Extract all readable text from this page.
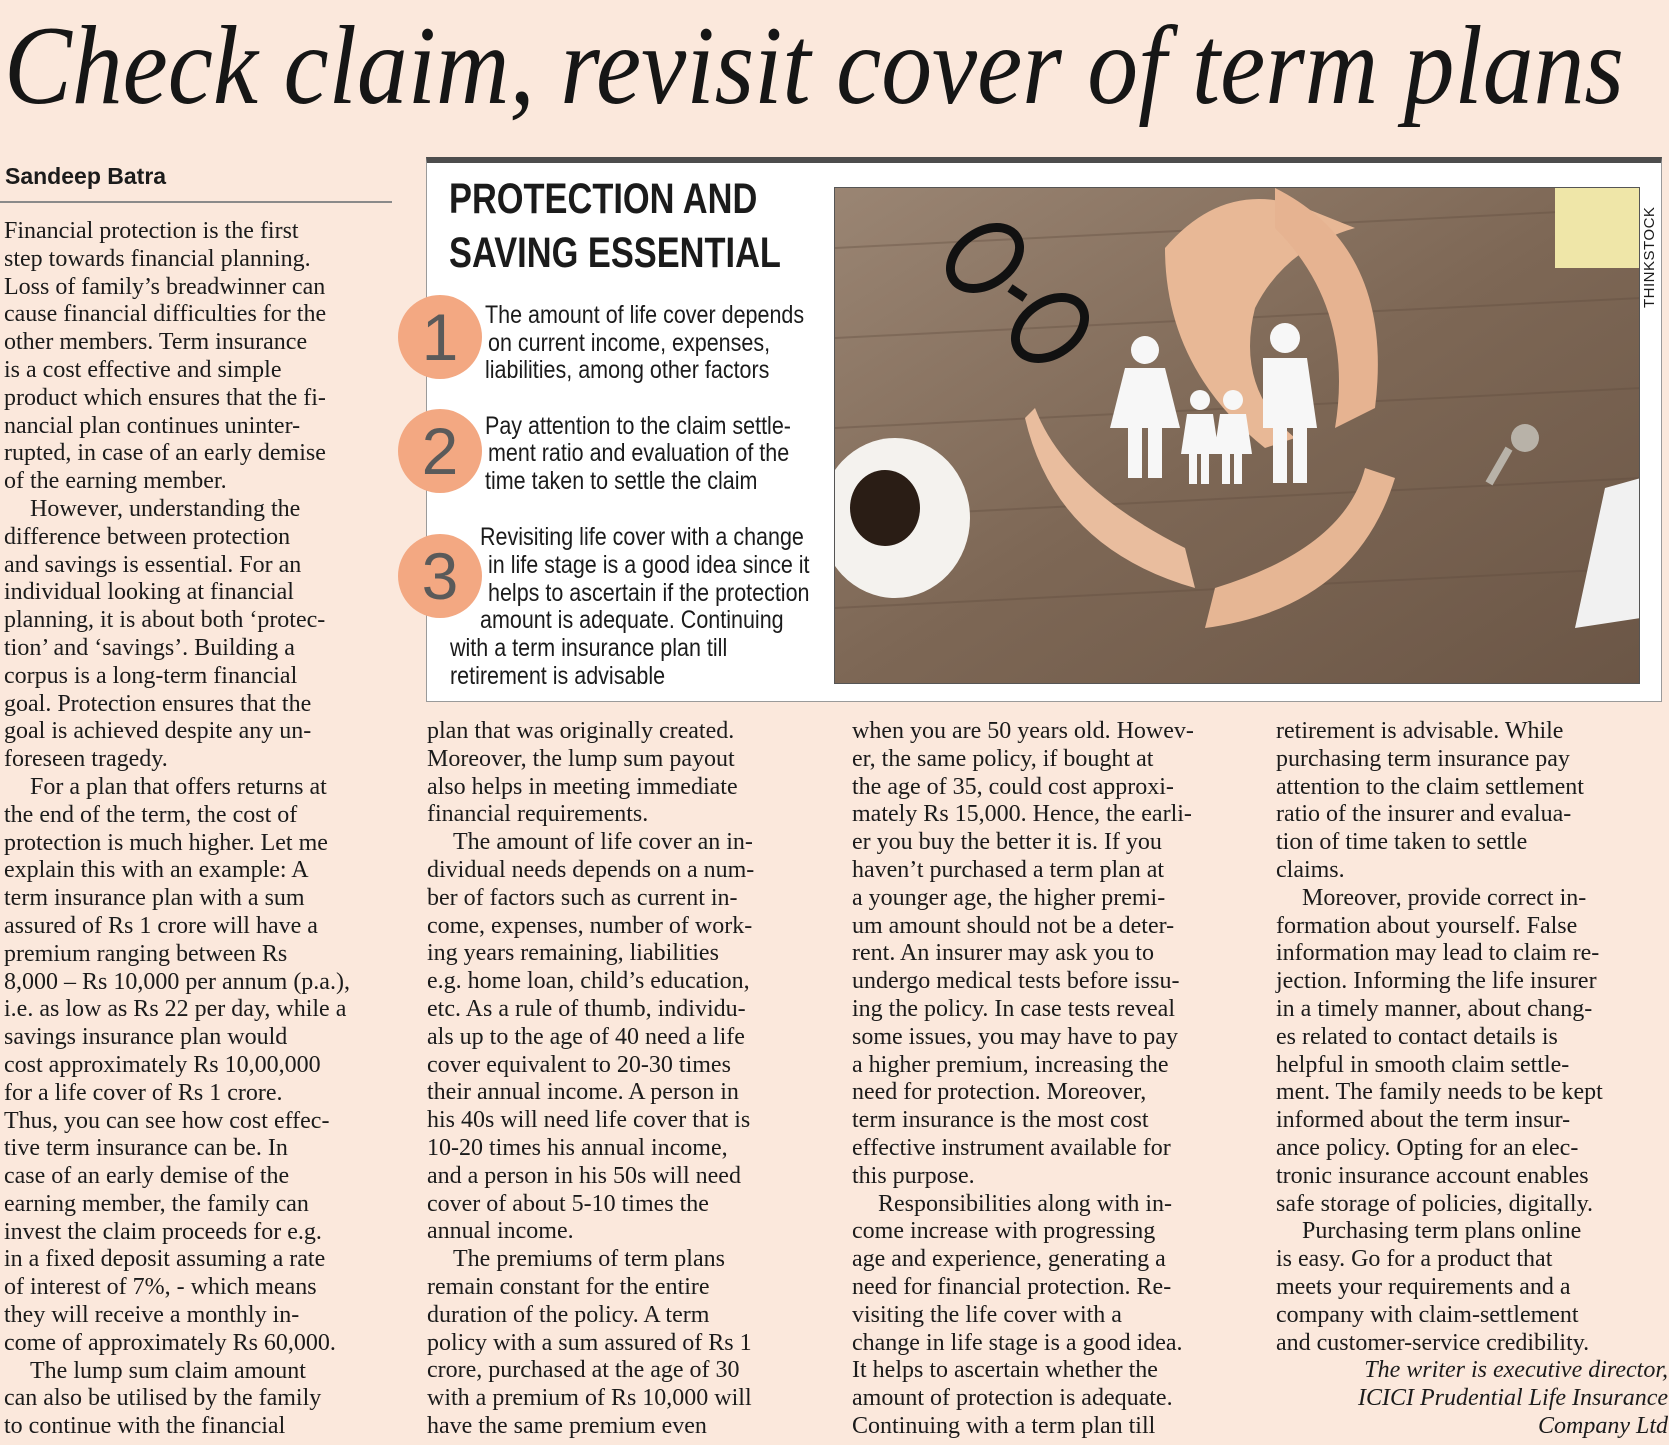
Check claim, revisit cover of term plans
Sandeep Batra	PROTECTION AND
SAVING ESSENTIAL
1	The amount of life cover depends
on current income, expenses,
liabilities, among other factors
2	Pay attention to the claim settle-
ment ratio and evaluation of the
time taken to settle the claim
3
Revisiting life cover with a change
in life stage is a good idea since it
helps to ascertain if the protection
amount is adequate. Continuing
with a term insurance plan till
retirement is advisable
THINKSTOCK
Financial protection is the first
step towards financial planning.
Loss of family’s breadwinner can
cause financial difficulties for the
other members. Term insurance
is a cost effective and simple
product which ensures that the fi-
nancial plan continues uninter-
rupted, in case of an early demise
of the earning member.
However, understanding the
difference between protection
and savings is essential. For an
individual looking at financial
planning, it is about both ‘protec-
tion’ and ‘savings’. Building a
corpus is a long-term financial
goal. Protection ensures that the
goal is achieved despite any un-
foreseen tragedy.
For a plan that offers returns at
the end of the term, the cost of
protection is much higher. Let me
explain this with an example: A
term insurance plan with a sum
assured of Rs 1 crore will have a
premium ranging between Rs
8,000 – Rs 10,000 per annum (p.a.),
i.e. as low as Rs 22 per day, while a
savings insurance plan would
cost approximately Rs 10,00,000
for a life cover of Rs 1 crore.
Thus, you can see how cost effec-
tive term insurance can be. In
case of an early demise of the
earning member, the family can
invest the claim proceeds for e.g.
in a fixed deposit assuming a rate
of interest of 7%, - which means
they will receive a monthly in-
come of approximately Rs 60,000.
The lump sum claim amount
can also be utilised by the family
to continue with the financial
plan that was originally created.
Moreover, the lump sum payout
also helps in meeting immediate
financial requirements.
The amount of life cover an in-
dividual needs depends on a num-
ber of factors such as current in-
come, expenses, number of work-
ing years remaining, liabilities
e.g. home loan, child’s education,
etc. As a rule of thumb, individu-
als up to the age of 40 need a life
cover equivalent to 20-30 times
their annual income. A person in
his 40s will need life cover that is
10-20 times his annual income,
and a person in his 50s will need
cover of about 5-10 times the
annual income.
The premiums of term plans
remain constant for the entire
duration of the policy. A term
policy with a sum assured of Rs 1
crore, purchased at the age of 30
with a premium of Rs 10,000 will
have the same premium even
when you are 50 years old. Howev-
er, the same policy, if bought at
the age of 35, could cost approxi-
mately Rs 15,000. Hence, the earli-
er you buy the better it is. If you
haven’t purchased a term plan at
a younger age, the higher premi-
um amount should not be a deter-
rent. An insurer may ask you to
undergo medical tests before issu-
ing the policy. In case tests reveal
some issues, you may have to pay
a higher premium, increasing the
need for protection. Moreover,
term insurance is the most cost
effective instrument available for
this purpose.
Responsibilities along with in-
come increase with progressing
age and experience, generating a
need for financial protection. Re-
visiting the life cover with a
change in life stage is a good idea.
It helps to ascertain whether the
amount of protection is adequate.
Continuing with a term plan till
retirement is advisable. While
purchasing term insurance pay
attention to the claim settlement
ratio of the insurer and evalua-
tion of time taken to settle
claims.
Moreover, provide correct in-
formation about yourself. False
information may lead to claim re-
jection. Informing the life insurer
in a timely manner, about chang-
es related to contact details is
helpful in smooth claim settle-
ment. The family needs to be kept
informed about the term insur-
ance policy. Opting for an elec-
tronic insurance account enables
safe storage of policies, digitally.
Purchasing term plans online
is easy. Go for a product that
meets your requirements and a
company with claim-settlement
and customer-service credibility.
The writer is executive director,
ICICI Prudential Life Insurance
Company Ltd
